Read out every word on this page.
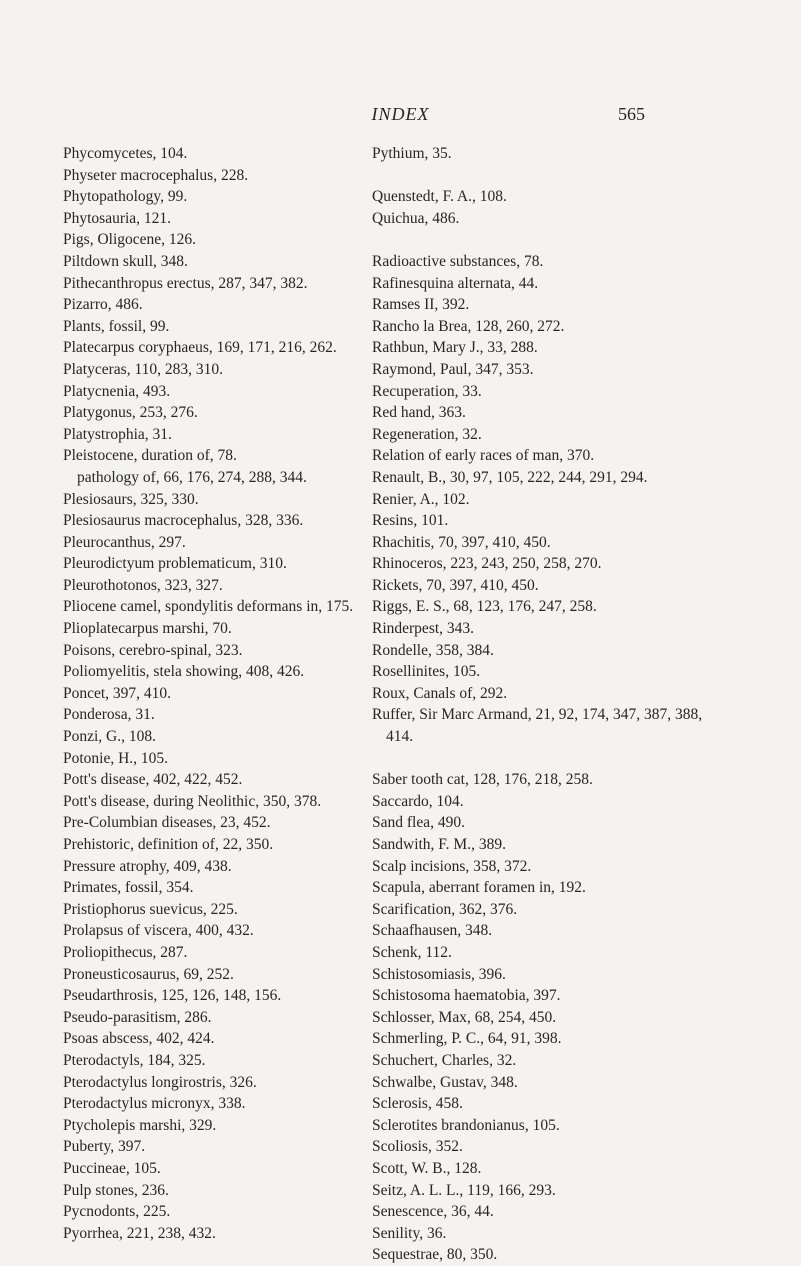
INDEX	565
Phycomycetes, 104.
Physeter macrocephalus, 228.
Phytopathology, 99.
Phytosauria, 121.
Pigs, Oligocene, 126.
Piltdown skull, 348.
Pithecanthropus erectus, 287, 347, 382.
Pizarro, 486.
Plants, fossil, 99.
Platecarpus coryphaeus, 169, 171, 216, 262.
Platyceras, 110, 283, 310.
Platycnenia, 493.
Platygonus, 253, 276.
Platystrophia, 31.
Pleistocene, duration of, 78.
pathology of, 66, 176, 274, 288, 344.
Plesiosaurs, 325, 330.
Plesiosaurus macrocephalus, 328, 336.
Pleurocanthus, 297.
Pleurodictyum problematicum, 310.
Pleurothotonos, 323, 327.
Pliocene camel, spondylitis deformans in, 175.
Plioplatecarpus marshi, 70.
Poisons, cerebro-spinal, 323.
Poliomyelitis, stela showing, 408, 426.
Poncet, 397, 410.
Ponderosa, 31.
Ponzi, G., 108.
Potonie, H., 105.
Pott's disease, 402, 422, 452.
Pott's disease, during Neolithic, 350, 378.
Pre-Columbian diseases, 23, 452.
Prehistoric, definition of, 22, 350.
Pressure atrophy, 409, 438.
Primates, fossil, 354.
Pristiophorus suevicus, 225.
Prolapsus of viscera, 400, 432.
Proliopithecus, 287.
Proneusticosaurus, 69, 252.
Pseudarthrosis, 125, 126, 148, 156.
Pseudo-parasitism, 286.
Psoas abscess, 402, 424.
Pterodactyls, 184, 325.
Pterodactylus longirostris, 326.
Pterodactylus micronyx, 338.
Ptycholepis marshi, 329.
Puberty, 397.
Puccineae, 105.
Pulp stones, 236.
Pycnodonts, 225.
Pyorrhea, 221, 238, 432.
Pythium, 35.
Quenstedt, F. A., 108.
Quichua, 486.
Radioactive substances, 78.
Rafinesquina alternata, 44.
Ramses II, 392.
Rancho la Brea, 128, 260, 272.
Rathbun, Mary J., 33, 288.
Raymond, Paul, 347, 353.
Recuperation, 33.
Red hand, 363.
Regeneration, 32.
Relation of early races of man, 370.
Renault, B., 30, 97, 105, 222, 244, 291, 294.
Renier, A., 102.
Resins, 101.
Rhachitis, 70, 397, 410, 450.
Rhinoceros, 223, 243, 250, 258, 270.
Rickets, 70, 397, 410, 450.
Riggs, E. S., 68, 123, 176, 247, 258.
Rinderpest, 343.
Rondelle, 358, 384.
Rosellinites, 105.
Roux, Canals of, 292.
Ruffer, Sir Marc Armand, 21, 92, 174, 347, 387, 388, 414.
Saber tooth cat, 128, 176, 218, 258.
Saccardo, 104.
Sand flea, 490.
Sandwith, F. M., 389.
Scalp incisions, 358, 372.
Scapula, aberrant foramen in, 192.
Scarification, 362, 376.
Schaafhausen, 348.
Schenk, 112.
Schistosomiasis, 396.
Schistosoma haematobia, 397.
Schlosser, Max, 68, 254, 450.
Schmerling, P. C., 64, 91, 398.
Schuchert, Charles, 32.
Schwalbe, Gustav, 348.
Sclerosis, 458.
Sclerotites brandonianus, 105.
Scoliosis, 352.
Scott, W. B., 128.
Seitz, A. L. L., 119, 166, 293.
Senescence, 36, 44.
Senility, 36.
Sequestrae, 80, 350.
